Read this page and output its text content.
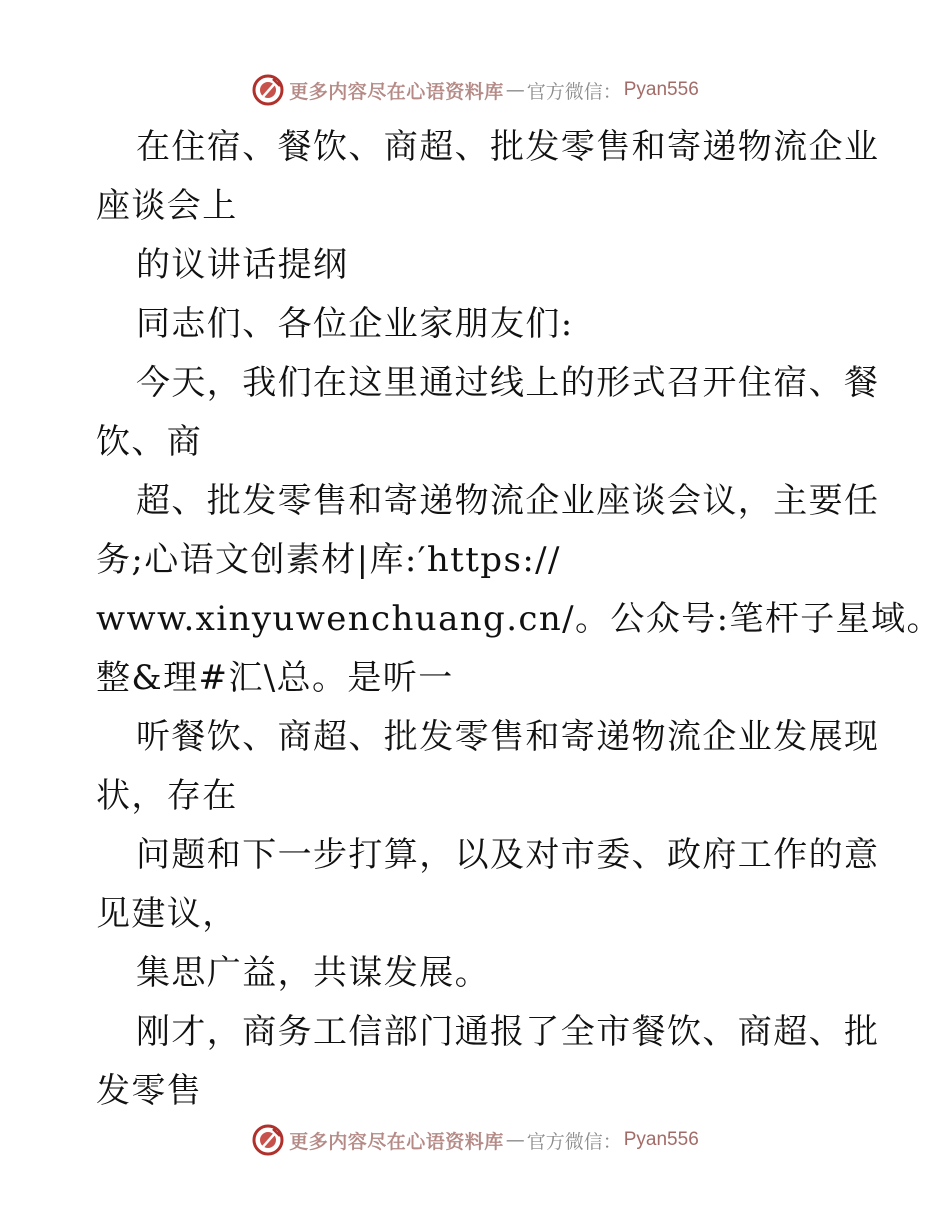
更多内容尽在心语资料库 — 官方微信： Pyan556
在住宿、餐饮、商超、批发零售和寄递物流企业
座谈会上
的议讲话提纲
同志们、各位企业家朋友们:
今天，我们在这里通过线上的形式召开住宿、餐
饮、商
超、批发零售和寄递物流企业座谈会议，主要任
务;心语文创素材|库:′https://
www.xinyuwenchuang.cn/。公众号:笔杆子星域。
整&理#汇\总。是听一
听餐饮、商超、批发零售和寄递物流企业发展现
状，存在
问题和下一步打算，以及对市委、政府工作的意
见建议，
集思广益，共谋发展。
刚才，商务工信部门通报了全市餐饮、商超、批
发零售
更多内容尽在心语资料库 — 官方微信： Pyan556
